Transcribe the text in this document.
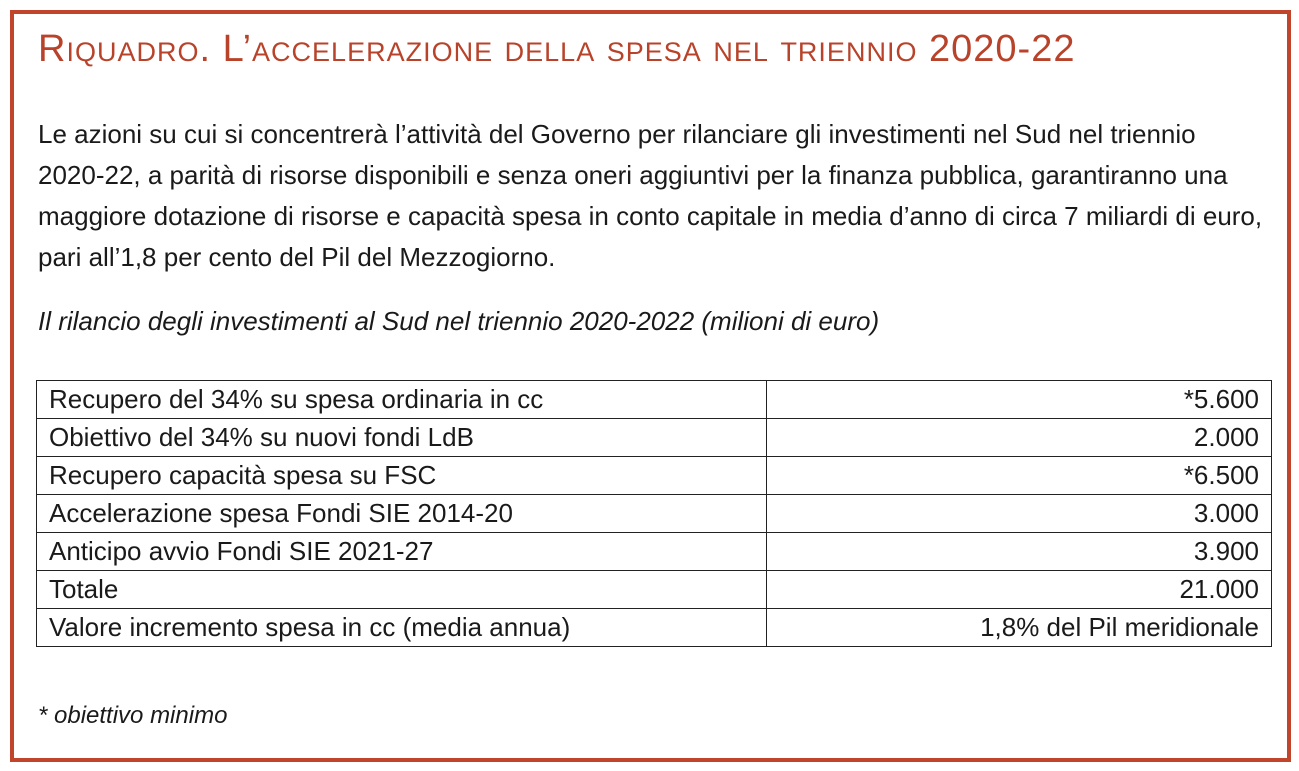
Riquadro. L’accelerazione della spesa nel triennio 2020-22
Le azioni su cui si concentrerà l’attività del Governo per rilanciare gli investimenti nel Sud nel triennio 2020-22, a parità di risorse disponibili e senza oneri aggiuntivi per la finanza pubblica, garantiranno una maggiore dotazione di risorse e capacità spesa in conto capitale in media d’anno di circa 7 miliardi di euro, pari all’1,8 per cento del Pil del Mezzogiorno.
Il rilancio degli investimenti al Sud nel triennio 2020-2022 (milioni di euro)
Recupero del 34% su spesa ordinaria in cc	*5.600
Obiettivo del 34% su nuovi fondi LdB	2.000
Recupero capacità spesa su FSC	*6.500
Accelerazione spesa Fondi SIE 2014-20	3.000
Anticipo avvio Fondi SIE 2021-27	3.900
Totale	21.000
Valore incremento spesa in cc (media annua)	1,8% del Pil meridionale
* obiettivo minimo
